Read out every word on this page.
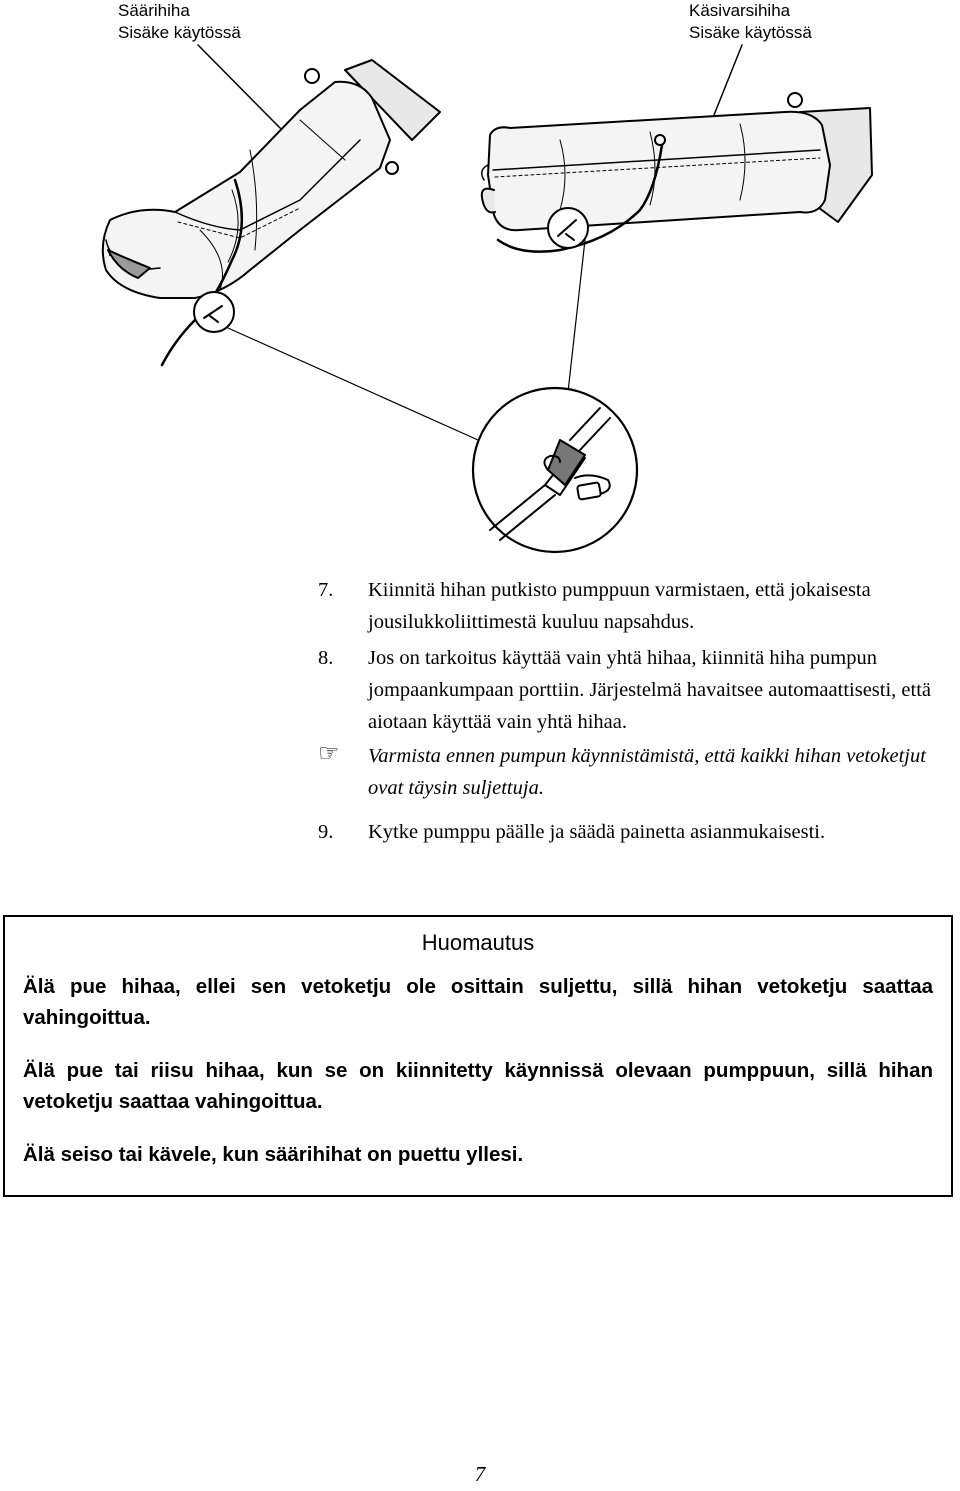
Säärihiha
Sisäke käytössä
Käsivarsihiha
Sisäke käytössä
7.	Kiinnitä hihan putkisto pumppuun varmistaen, että jokaisesta jousilukkoliittimestä kuuluu napsahdus.
8.	Jos on tarkoitus käyttää vain yhtä hihaa, kiinnitä hiha pumpun jompaankumpaan porttiin. Järjestelmä havaitsee automaattisesti, että aiotaan käyttää vain yhtä hihaa.
☞	Varmista ennen pumpun käynnistämistä, että kaikki hihan vetoketjut ovat täysin suljettuja.
9.	Kytke pumppu päälle ja säädä painetta asianmukaisesti.
Huomautus

Älä pue hihaa, ellei sen vetoketju ole osittain suljettu, sillä hihan vetoketju saattaa vahingoittua.

Älä pue tai riisu hihaa, kun se on kiinnitetty käynnissä olevaan pumppuun, sillä hihan vetoketju saattaa vahingoittua.

Älä seiso tai kävele, kun säärihihat on puettu yllesi.

7
